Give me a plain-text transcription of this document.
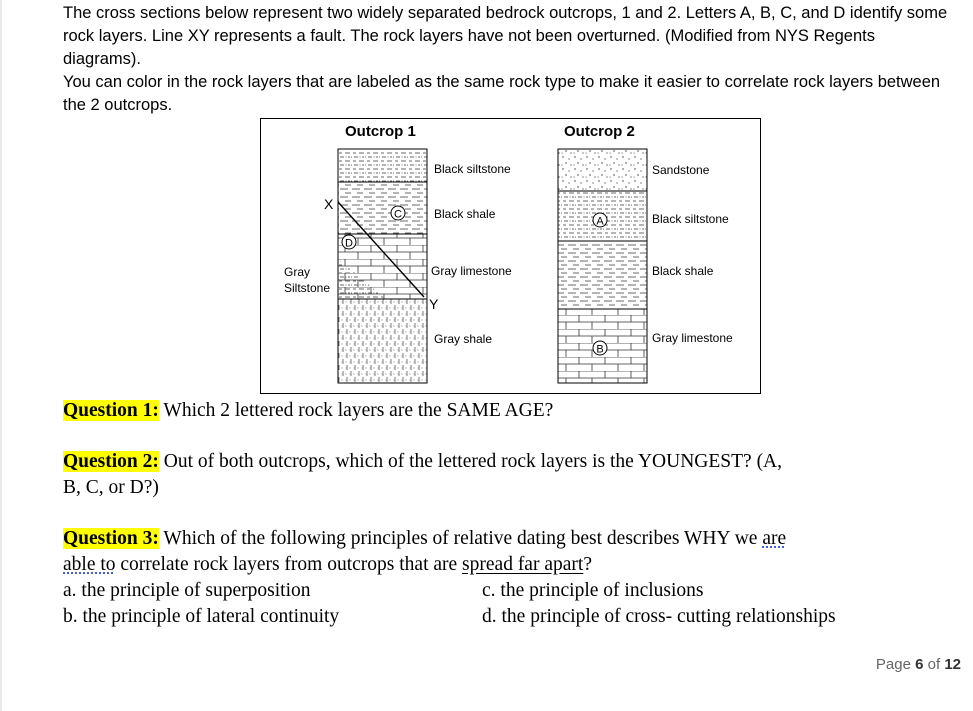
The cross sections below represent two widely separated bedrock outcrops, 1 and 2. Letters A, B, C, and D identify some rock layers. Line XY represents a fault. The rock layers have not been overturned. (Modified from NYS Regents diagrams).

You can color in the rock layers that are labeled as the same rock type to make it easier to correlate rock layers between the 2 outcrops.

Outcrop 1
X
Y
C
D
Black siltstone
Black shale
Gray limestone
Gray shale
Gray
Siltstone
Outcrop 2
A
B
Sandstone
Black siltstone
Black shale
Gray limestone
Question 1: Which 2 lettered rock layers are the SAME AGE?
Question 2: Out of both outcrops, which of the lettered rock layers is the YOUNGEST? (A,
B, C, or D?)
Question 3: Which of the following principles of relative dating best describes WHY we are
able to correlate rock layers from outcrops that are spread far apart?
a. the principle of superposition	c. the principle of inclusions
b. the principle of lateral continuity	d. the principle of cross- cutting relationships
Page 6 of 12
